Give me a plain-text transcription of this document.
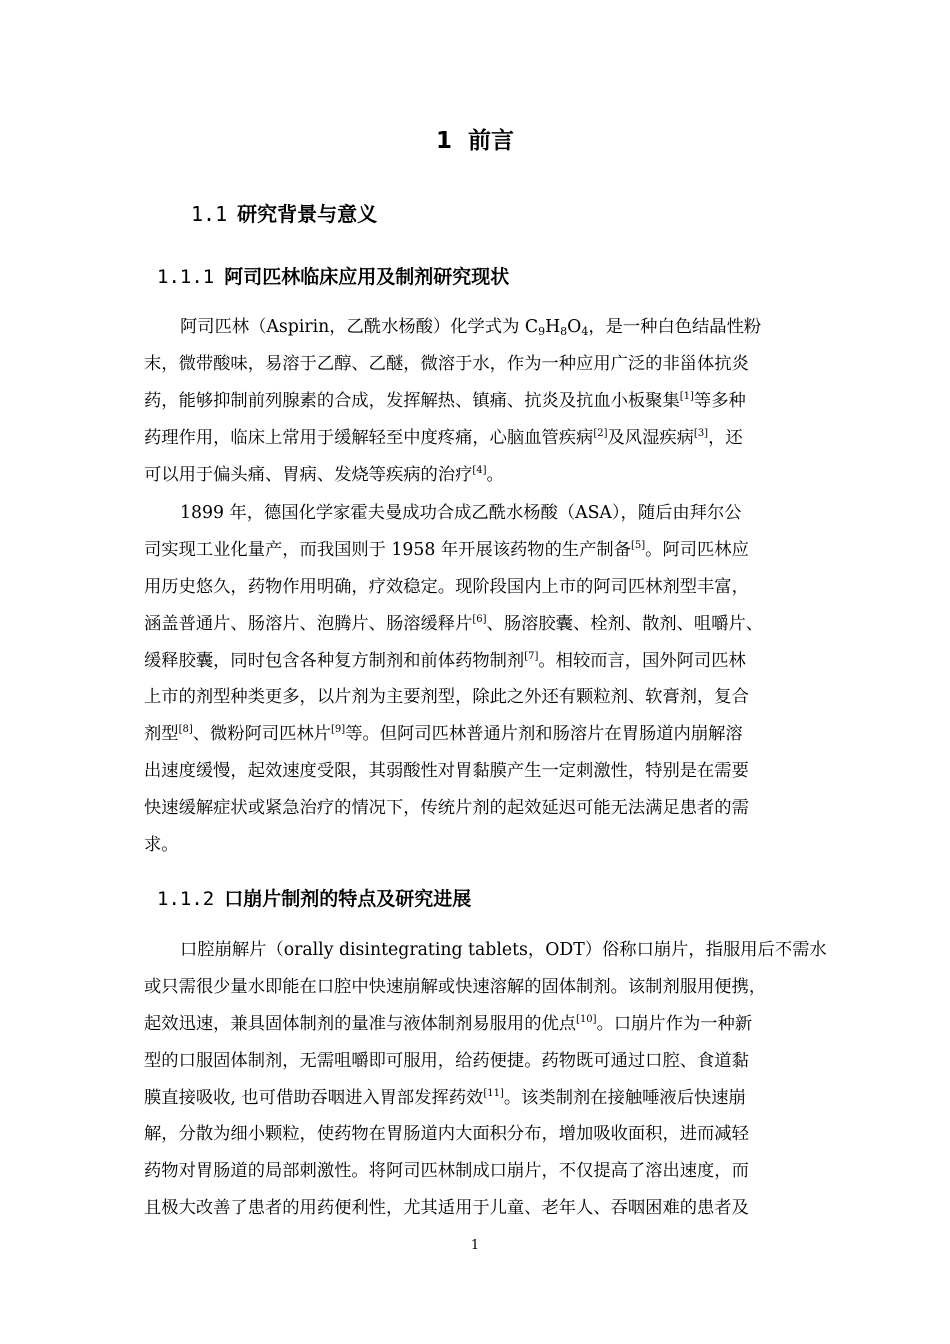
1 前言
1.1 研究背景与意义
1.1.1 阿司匹林临床应用及制剂研究现状
阿司匹林（Aspirin，乙酰水杨酸）化学式为 $C_9H_8O_4$，是一种白色结晶性粉
末，微带酸味，易溶于乙醇、乙醚，微溶于水，作为一种应用广泛的非甾体抗炎
药，能够抑制前列腺素的合成，发挥解热、镇痛、抗炎及抗血小板聚集[1]等多种
药理作用，临床上常用于缓解轻至中度疼痛，心脑血管疾病[2]及风湿疾病[3]，还
可以用于偏头痛、胃病、发烧等疾病的治疗[4]。
1899 年，德国化学家霍夫曼成功合成乙酰水杨酸（ASA），随后由拜尔公
司实现工业化量产，而我国则于 1958 年开展该药物的生产制备[5]。阿司匹林应
用历史悠久，药物作用明确，疗效稳定。现阶段国内上市的阿司匹林剂型丰富，
涵盖普通片、肠溶片、泡腾片、肠溶缓释片[6]、肠溶胶囊、栓剂、散剂、咀嚼片、
缓释胶囊，同时包含各种复方制剂和前体药物制剂[7]。相较而言，国外阿司匹林
上市的剂型种类更多，以片剂为主要剂型，除此之外还有颗粒剂、软膏剂，复合
剂型[8]、微粉阿司匹林片[9]等。但阿司匹林普通片剂和肠溶片在胃肠道内崩解溶
出速度缓慢，起效速度受限，其弱酸性对胃黏膜产生一定刺激性，特别是在需要
快速缓解症状或紧急治疗的情况下，传统片剂的起效延迟可能无法满足患者的需
求。
1.1.2 口崩片制剂的特点及研究进展
口腔崩解片（orally disintegrating tablets，ODT）俗称口崩片，指服用后不需水
或只需很少量水即能在口腔中快速崩解或快速溶解的固体制剂。该制剂服用便携，
起效迅速，兼具固体制剂的量准与液体制剂易服用的优点[10]。口崩片作为一种新
型的口服固体制剂，无需咀嚼即可服用，给药便捷。药物既可通过口腔、食道黏
膜直接吸收, 也可借助吞咽进入胃部发挥药效[11]。该类制剂在接触唾液后快速崩
解，分散为细小颗粒，使药物在胃肠道内大面积分布，增加吸收面积，进而减轻
药物对胃肠道的局部刺激性。将阿司匹林制成口崩片，不仅提高了溶出速度，而
且极大改善了患者的用药便利性，尤其适用于儿童、老年人、吞咽困难的患者及
1
